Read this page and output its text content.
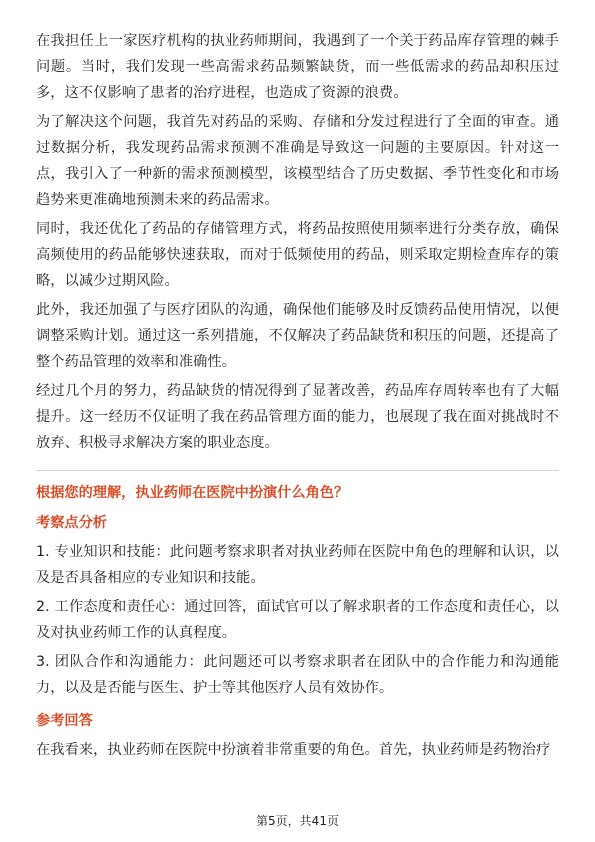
在我担任上一家医疗机构的执业药师期间，我遇到了一个关于药品库存管理的棘手问题。当时，我们发现一些高需求药品频繁缺货，而一些低需求的药品却积压过多，这不仅影响了患者的治疗进程，也造成了资源的浪费。

为了解决这个问题，我首先对药品的采购、存储和分发过程进行了全面的审查。通过数据分析，我发现药品需求预测不准确是导致这一问题的主要原因。针对这一点，我引入了一种新的需求预测模型，该模型结合了历史数据、季节性变化和市场趋势来更准确地预测未来的药品需求。

同时，我还优化了药品的存储管理方式，将药品按照使用频率进行分类存放，确保高频使用的药品能够快速获取，而对于低频使用的药品，则采取定期检查库存的策略，以减少过期风险。

此外，我还加强了与医疗团队的沟通，确保他们能够及时反馈药品使用情况，以便调整采购计划。通过这一系列措施，不仅解决了药品缺货和积压的问题，还提高了整个药品管理的效率和准确性。

经过几个月的努力，药品缺货的情况得到了显著改善，药品库存周转率也有了大幅提升。这一经历不仅证明了我在药品管理方面的能力，也展现了我在面对挑战时不放弃、积极寻求解决方案的职业态度。

根据您的理解，执业药师在医院中扮演什么角色？
考察点分析

1. 专业知识和技能：此问题考察求职者对执业药师在医院中角色的理解和认识，以及是否具备相应的专业知识和技能。

2. 工作态度和责任心：通过回答，面试官可以了解求职者的工作态度和责任心，以及对执业药师工作的认真程度。

3. 团队合作和沟通能力：此问题还可以考察求职者在团队中的合作能力和沟通能力，以及是否能与医生、护士等其他医疗人员有效协作。

参考回答

在我看来，执业药师在医院中扮演着非常重要的角色。首先，执业药师是药物治疗

第5页，共41页
